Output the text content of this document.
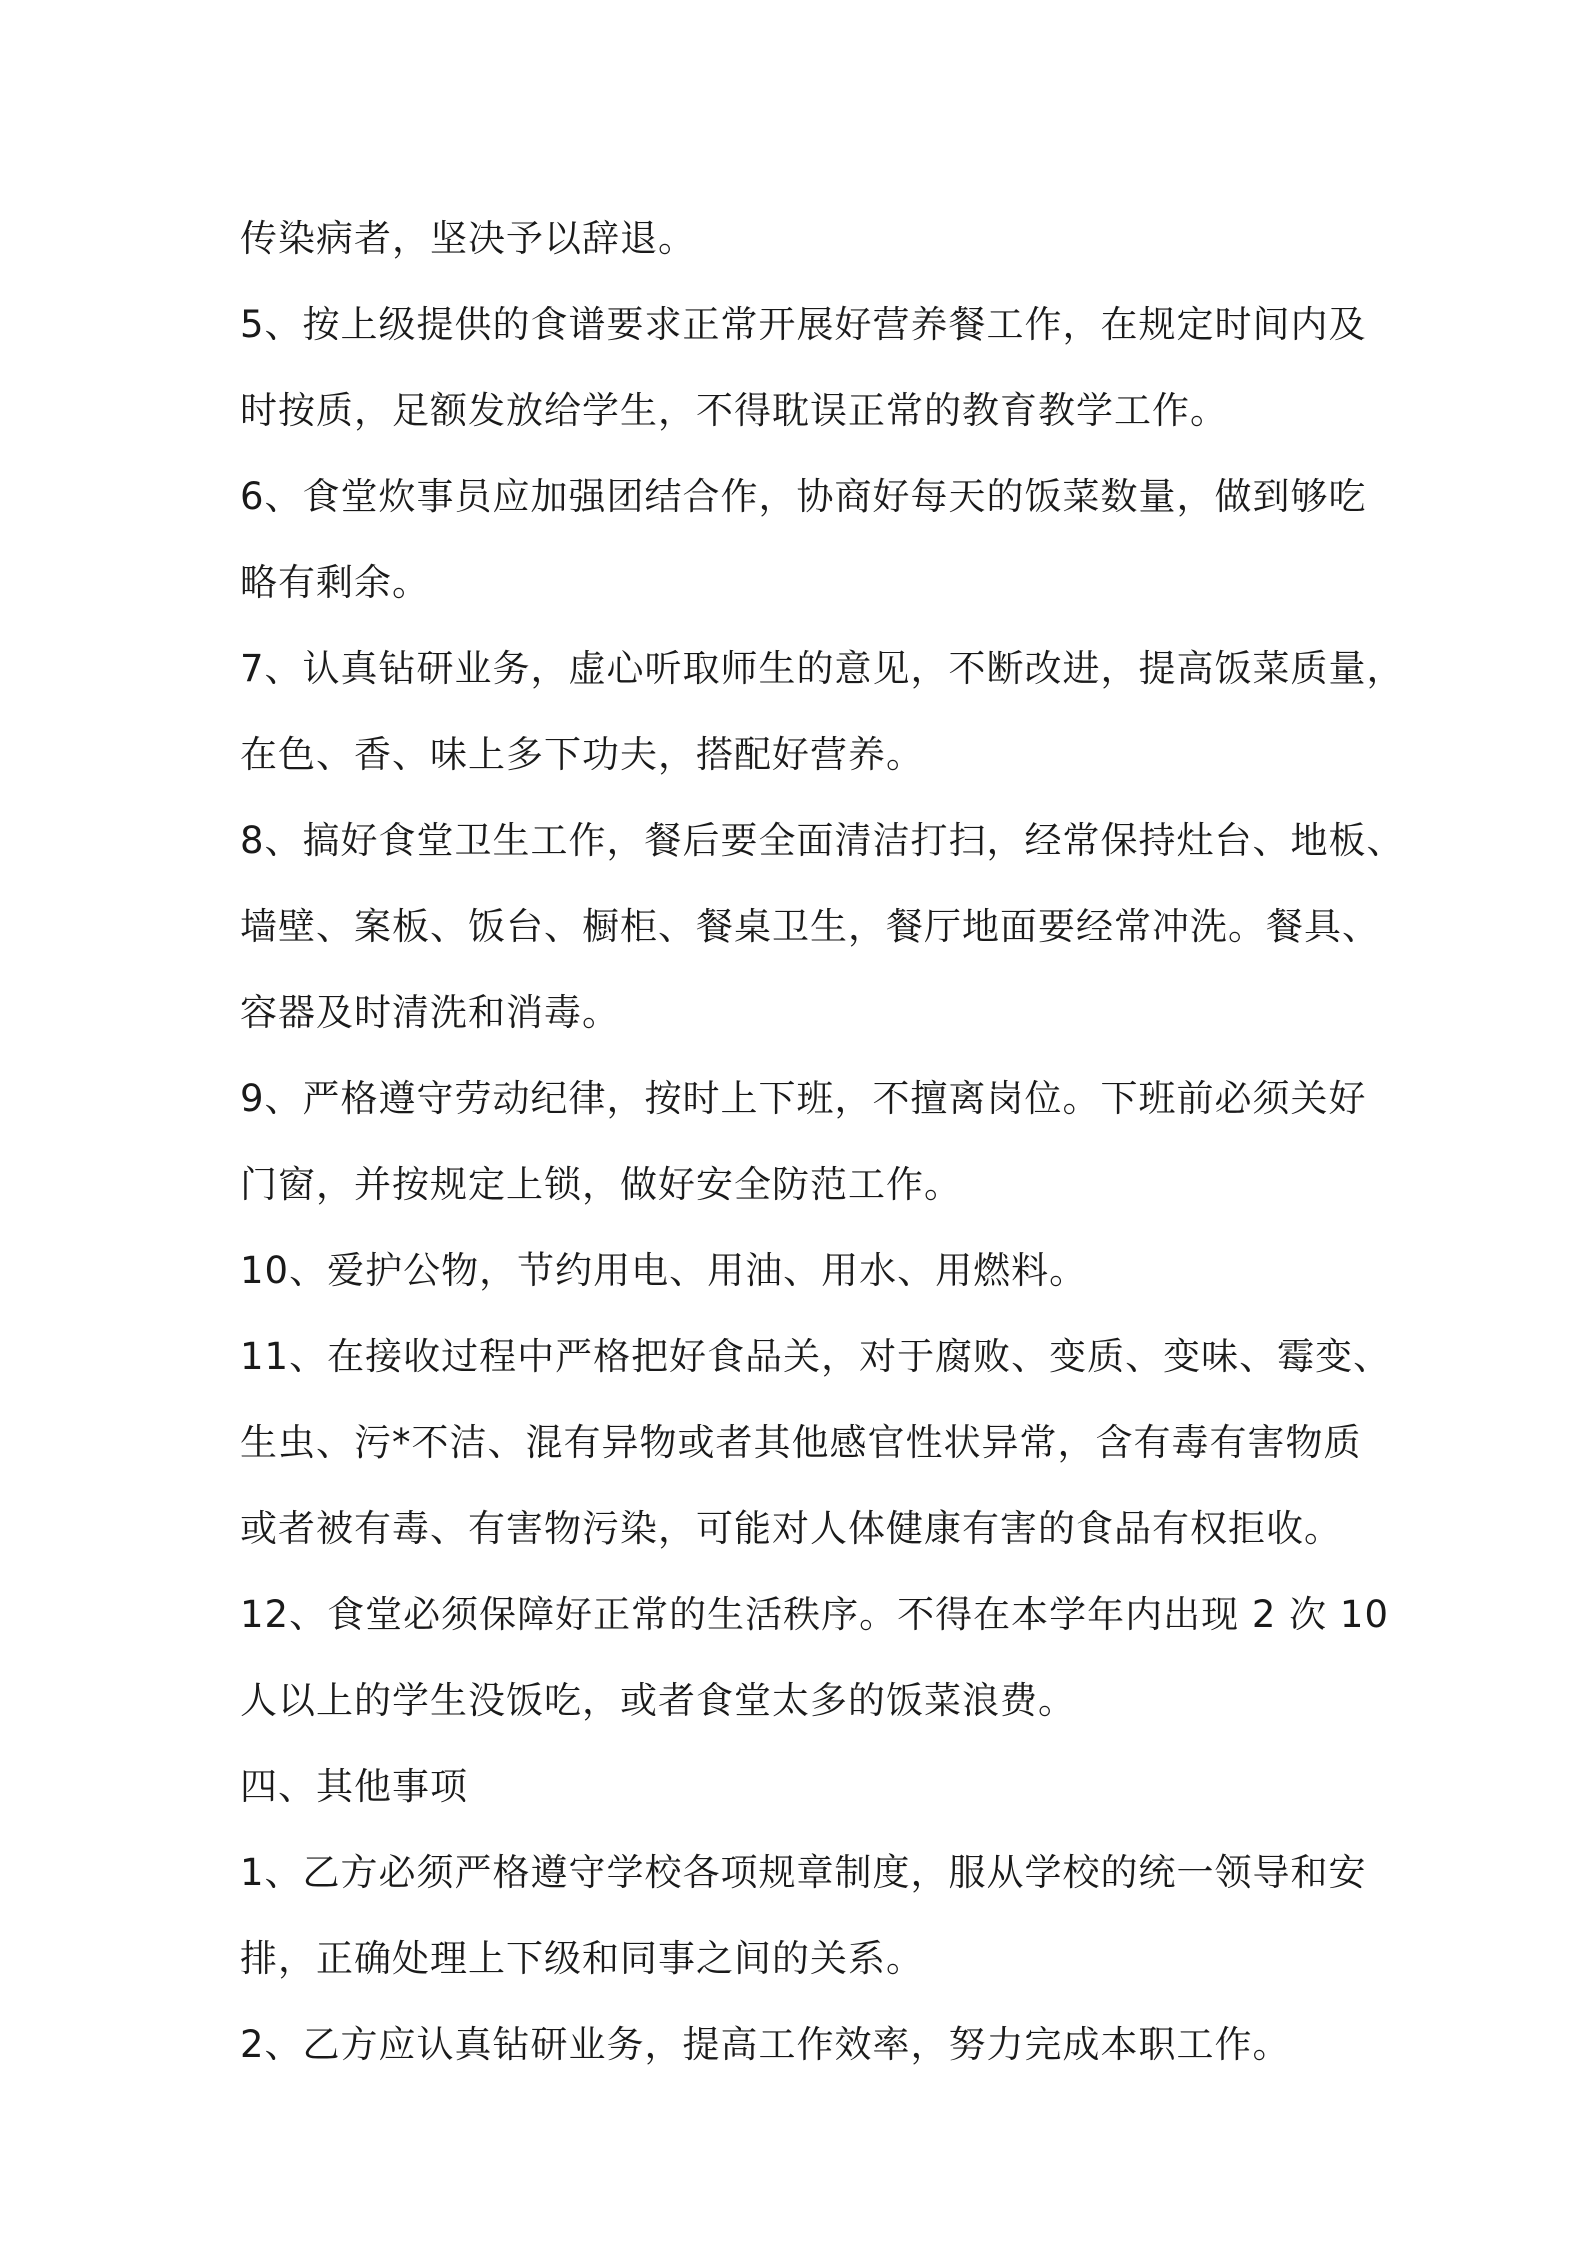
传染病者，坚决予以辞退。
5、按上级提供的食谱要求正常开展好营养餐工作，在规定时间内及
时按质，足额发放给学生，不得耽误正常的教育教学工作。
6、食堂炊事员应加强团结合作，协商好每天的饭菜数量，做到够吃
略有剩余。
7、认真钻研业务，虚心听取师生的意见，不断改进，提高饭菜质量，
在色、香、味上多下功夫，搭配好营养。
8、搞好食堂卫生工作，餐后要全面清洁打扫，经常保持灶台、地板、
墙壁、案板、饭台、橱柜、餐桌卫生，餐厅地面要经常冲洗。餐具、
容器及时清洗和消毒。
9、严格遵守劳动纪律，按时上下班，不擅离岗位。下班前必须关好
门窗，并按规定上锁，做好安全防范工作。
10、爱护公物，节约用电、用油、用水、用燃料。
11、在接收过程中严格把好食品关，对于腐败、变质、变味、霉变、
生虫、污*不洁、混有异物或者其他感官性状异常，含有毒有害物质
或者被有毒、有害物污染，可能对人体健康有害的食品有权拒收。
12、食堂必须保障好正常的生活秩序。不得在本学年内出现 2 次 10
人以上的学生没饭吃，或者食堂太多的饭菜浪费。
四、其他事项
1、乙方必须严格遵守学校各项规章制度，服从学校的统一领导和安
排，正确处理上下级和同事之间的关系。
2、乙方应认真钻研业务，提高工作效率，努力完成本职工作。
